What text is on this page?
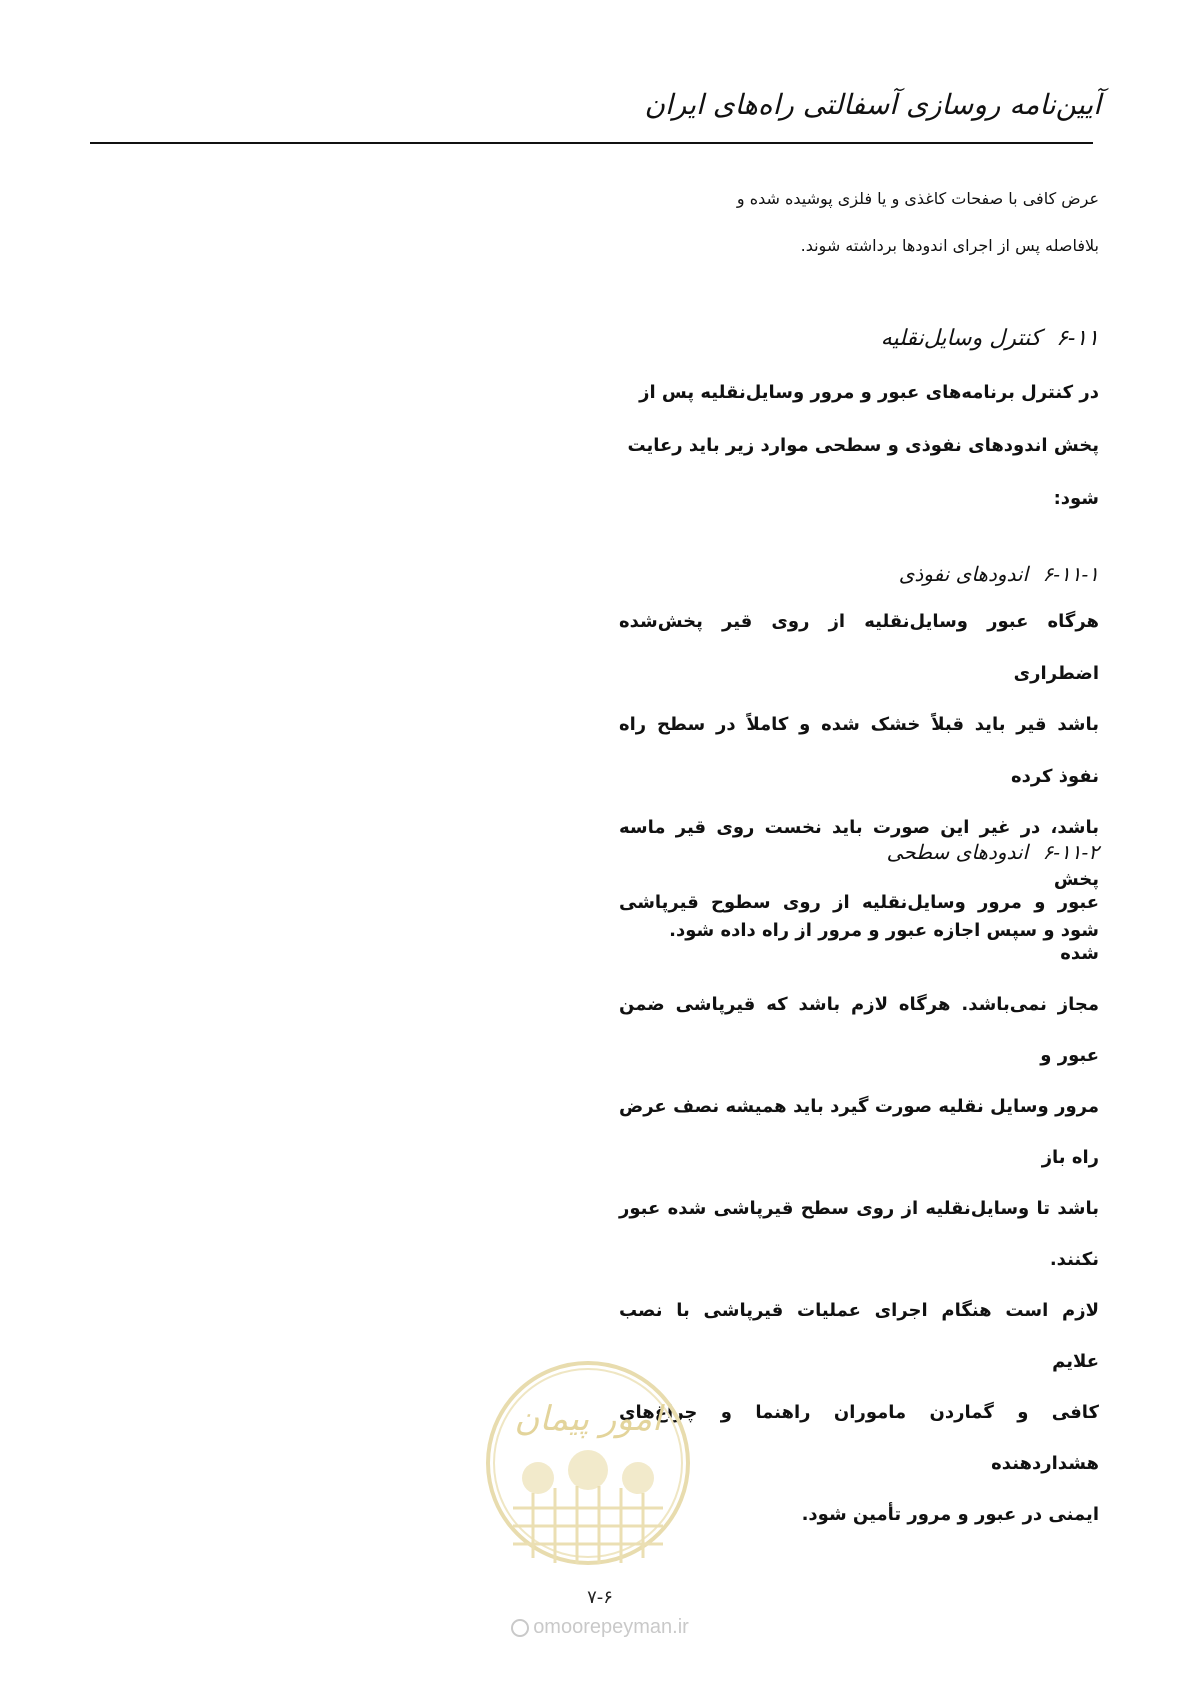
آیین‌نامه روسازی آسفالتی راه‌های ایران
عرض کافی با صفحات کاغذی و یا فلزی پوشیده شده و
بلافاصله پس از اجرای اندودها برداشته شوند.
۶-۱۱ کنترل وسایل‌نقلیه
در کنترل برنامه‌های عبور و مرور وسایل‌نقلیه پس از
پخش اندودهای نفوذی و سطحی موارد زیر باید رعایت
شود:
۶-۱۱-۱ اندودهای نفوذی
هرگاه عبور وسایل‌نقلیه از روی قیر پخش‌شده اضطراری
باشد قیر باید قبلاً خشک شده و کاملاً در سطح راه نفوذ کرده
باشد، در غیر این صورت باید نخست روی قیر ماسه پخش
شود و سپس اجازه عبور و مرور از راه داده شود.
۶-۱۱-۲ اندودهای سطحی
عبور و مرور وسایل‌نقلیه از روی سطوح قیرپاشی شده
مجاز نمی‌باشد. هرگاه لازم باشد که قیرپاشی ضمن عبور و
مرور وسایل نقلیه صورت گیرد باید همیشه نصف عرض راه باز
باشد تا وسایل‌نقلیه از روی سطح قیرپاشی شده عبور نکنند.
لازم است هنگام اجرای عملیات قیرپاشی با نصب علایم
کافی و گماردن ماموران راهنما و چراغ‌های هشداردهنده
ایمنی در عبور و مرور تأمین شود.
امور پیمان
۷-۶
omoorepeyman.ir
